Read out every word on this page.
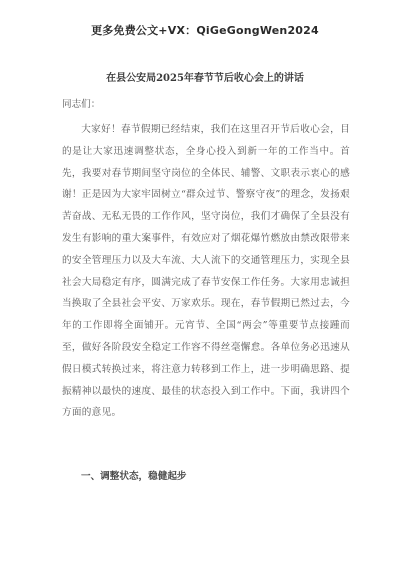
更多免费公文+VX：QiGeGongWen2024
在县公安局2025年春节节后收心会上的讲话
同志们：

大家好！春节假期已经结束，我们在这里召开节后收心会，目的是让大家迅速调整状态，全身心投入到新一年的工作当中。首先，我要对春节期间坚守岗位的全体民、辅警、文职表示衷心的感谢！正是因为大家牢固树立“群众过节、警察守夜”的理念，发扬艰苦奋战、无私无畏的工作作风，坚守岗位，我们才确保了全县没有发生有影响的重大案事件，有效应对了烟花爆竹燃放由禁改限带来的安全管理压力以及大车流、大人流下的交通管理压力，实现全县社会大局稳定有序，圆满完成了春节安保工作任务。大家用忠诚担当换取了全县社会平安、万家欢乐。现在，春节假期已然过去，今年的工作即将全面铺开。元宵节、全国“两会”等重要节点接踵而至，做好各阶段安全稳定工作容不得丝毫懈怠。各单位务必迅速从假日模式转换过来，将注意力转移到工作上，进一步明确思路、提振精神以最快的速度、最佳的状态投入到工作中。下面，我讲四个方面的意见。

一、调整状态，稳健起步
